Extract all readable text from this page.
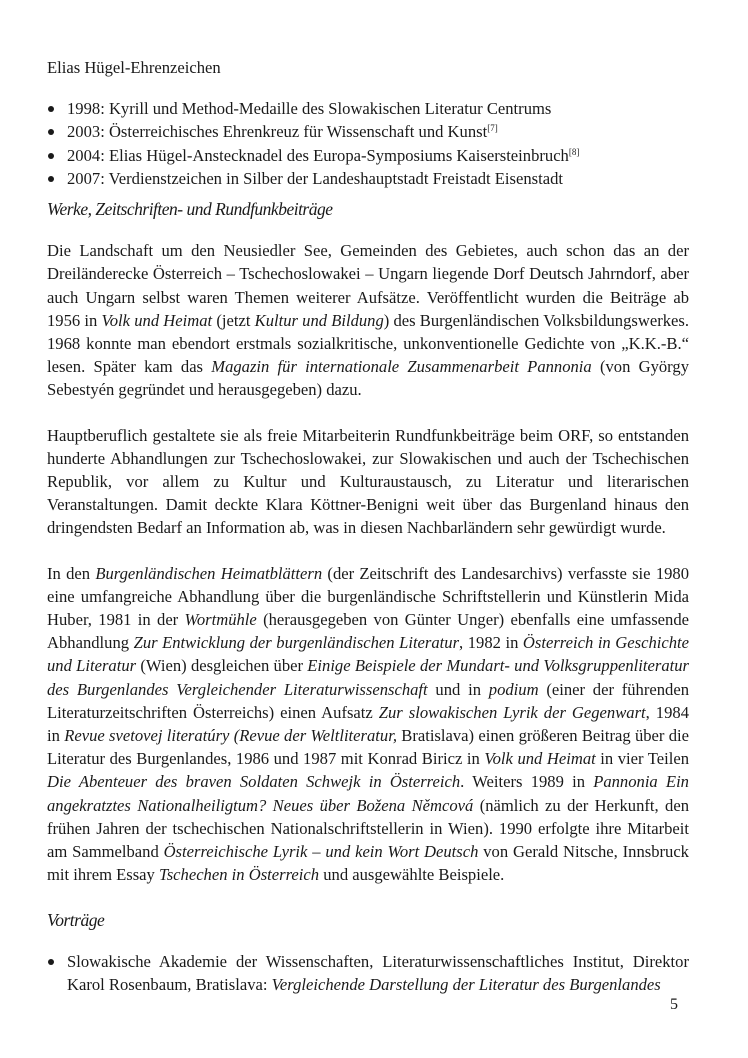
Elias Hügel-Ehrenzeichen

1998: Kyrill und Method-Medaille des Slowakischen Literatur Centrums
2003: Österreichisches Ehrenkreuz für Wissenschaft und Kunst[7]
2004: Elias Hügel-Anstecknadel des Europa-Symposiums Kaisersteinbruch[8]
2007: Verdienstzeichen in Silber der Landeshauptstadt Freistadt Eisenstadt
Werke, Zeitschriften- und Rundfunkbeiträge

Die Landschaft um den Neusiedler See, Gemeinden des Gebietes, auch schon das an der Dreiländerecke Österreich – Tschechoslowakei – Ungarn liegende Dorf Deutsch Jahrndorf, aber auch Ungarn selbst waren Themen weiterer Aufsätze. Veröffentlicht wurden die Beiträge ab 1956 in Volk und Heimat (jetzt Kultur und Bildung) des Burgenländischen Volksbildungswerkes. 1968 konnte man ebendort erstmals sozialkritische, unkonventionelle Gedichte von „K.K.-B.“ lesen. Später kam das Magazin für internationale Zusammenarbeit Pannonia (von György Sebestyén gegründet und herausgegeben) dazu.

Hauptberuflich gestaltete sie als freie Mitarbeiterin Rundfunkbeiträge beim ORF, so entstanden hunderte Abhandlungen zur Tschechoslowakei, zur Slowakischen und auch der Tschechischen Republik, vor allem zu Kultur und Kulturaustausch, zu Literatur und literarischen Veranstaltungen. Damit deckte Klara Köttner-Benigni weit über das Burgenland hinaus den dringendsten Bedarf an Information ab, was in diesen Nachbarländern sehr gewürdigt wurde.

In den Burgenländischen Heimatblättern (der Zeitschrift des Landesarchivs) verfasste sie 1980 eine umfangreiche Abhandlung über die burgenländische Schriftstellerin und Künstlerin Mida Huber, 1981 in der Wortmühle (herausgegeben von Günter Unger) ebenfalls eine umfassende Abhandlung Zur Entwicklung der burgenländischen Literatur, 1982 in Österreich in Geschichte und Literatur (Wien) desgleichen über Einige Beispiele der Mundart- und Volksgruppenliteratur des Burgenlandes Vergleichender Literaturwissenschaft und in podium (einer der führenden Literaturzeitschriften Österreichs) einen Aufsatz Zur slowakischen Lyrik der Gegenwart, 1984 in Revue svetovej literatúry (Revue der Weltliteratur, Bratislava) einen größeren Beitrag über die Literatur des Burgenlandes, 1986 und 1987 mit Konrad Biricz in Volk und Heimat in vier Teilen Die Abenteuer des braven Soldaten Schwejk in Österreich. Weiters 1989 in Pannonia Ein angekratztes Nationalheiligtum? Neues über Božena Němcová (nämlich zu der Herkunft, den frühen Jahren der tschechischen Nationalschriftstellerin in Wien). 1990 erfolgte ihre Mitarbeit am Sammelband Österreichische Lyrik – und kein Wort Deutsch von Gerald Nitsche, Innsbruck mit ihrem Essay Tschechen in Österreich und ausgewählte Beispiele.

Vorträge
Slowakische Akademie der Wissenschaften, Literaturwissenschaftliches Institut, Direktor Karol Rosenbaum, Bratislava: Vergleichende Darstellung der Literatur des Burgenlandes
5
